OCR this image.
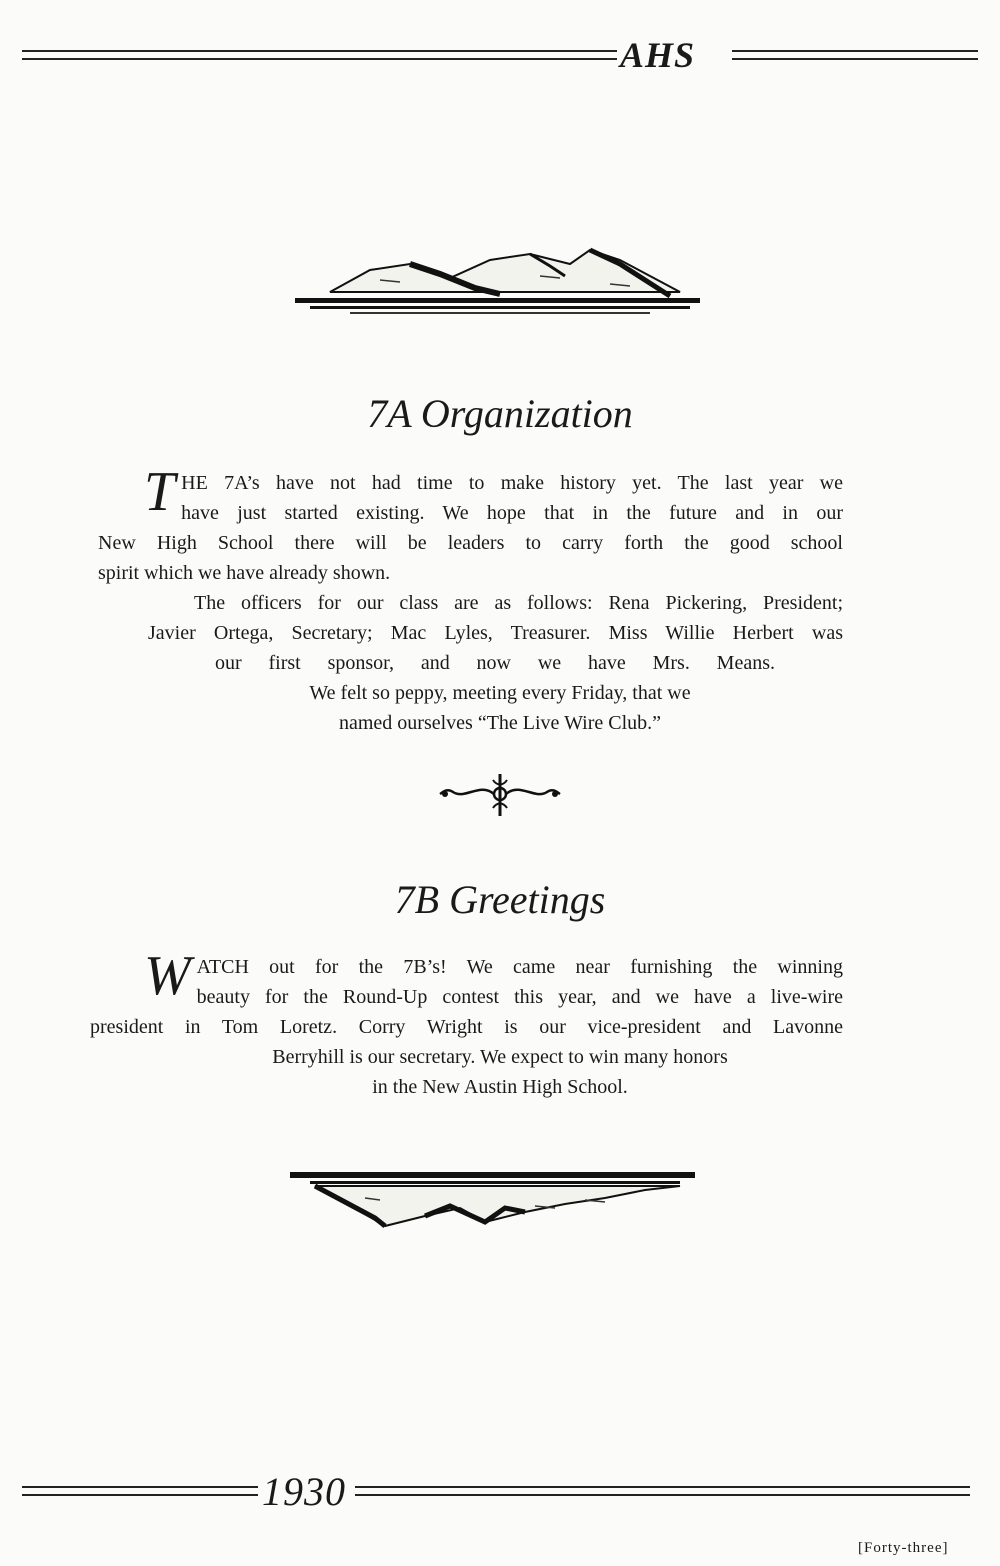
AHS
7A Organization
T HE 7A’s have not had time to make history yet. The last year we
have just started existing. We hope that in the future and in our
New High School there will be leaders to carry forth the good school
spirit which we have already shown.
The officers for our class are as follows: Rena Pickering, President;
Javier Ortega, Secretary; Mac Lyles, Treasurer. Miss Willie Herbert was
our first sponsor, and now we have Mrs. Means.
We felt so peppy, meeting every Friday, that we
named ourselves “The Live Wire Club.”
7B Greetings
W ATCH out for the 7B’s! We came near furnishing the winning
beauty for the Round-Up contest this year, and we have a live-wire
president in Tom Loretz. Corry Wright is our vice-president and Lavonne
Berryhill is our secretary. We expect to win many honors
in the New Austin High School.
1930
[Forty-three]
